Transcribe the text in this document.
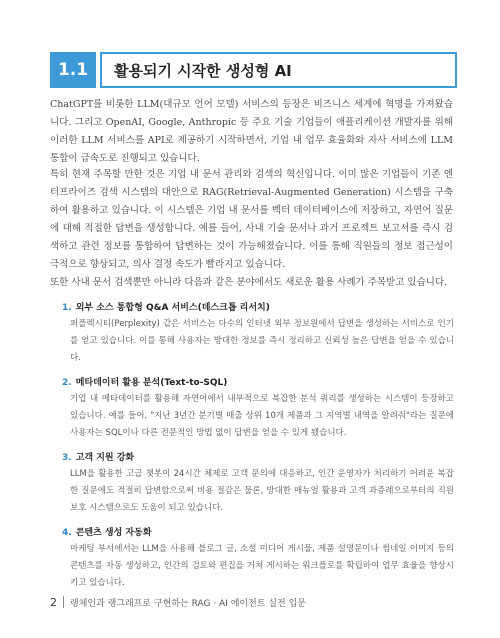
1.1	활용되기 시작한 생성형 AI
ChatGPT를 비롯한 LLM(대규모 언어 모델) 서비스의 등장은 비즈니스 세계에 혁명을 가져왔습니다. 그리고 OpenAI, Google, Anthropic 등 주요 기술 기업들이 애플리케이션 개발자를 위해 이러한 LLM 서비스를 API로 제공하기 시작하면서, 기업 내 업무 효율화와 자사 서비스에 LLM 통합이 급속도로 진행되고 있습니다.
특히 현재 주목할 만한 것은 기업 내 문서 관리와 검색의 혁신입니다. 이미 많은 기업들이 기존 엔터프라이즈 검색 시스템의 대안으로 RAG(Retrieval-Augmented Generation) 시스템을 구축하여 활용하고 있습니다. 이 시스템은 기업 내 문서를 벡터 데이터베이스에 저장하고, 자연어 질문에 대해 적절한 답변을 생성합니다. 예를 들어, 사내 기술 문서나 과거 프로젝트 보고서를 즉시 검색하고 관련 정보를 통합하여 답변하는 것이 가능해졌습니다. 이를 통해 직원들의 정보 접근성이 극적으로 향상되고, 의사 결정 속도가 빨라지고 있습니다.
또한 사내 문서 검색뿐만 아니라 다음과 같은 분야에서도 새로운 활용 사례가 주목받고 있습니다.
1. 외부 소스 통합형 Q&A 서비스(데스크톱 리서치)
퍼플렉시티(Perplexity) 같은 서비스는 다수의 인터넷 외부 정보원에서 답변을 생성하는 서비스로 인기를 얻고 있습니다. 이를 통해 사용자는 방대한 정보를 즉시 정리하고 신뢰성 높은 답변을 얻을 수 있습니다.
2. 메타데이터 활용 분석(Text-to-SQL)
기업 내 메타데이터를 활용해 자연어에서 내부적으로 복잡한 분석 쿼리를 생성하는 시스템이 등장하고 있습니다. 예를 들어, "지난 3년간 분기별 매출 상위 10개 제품과 그 지역별 내역을 알려줘"라는 질문에 사용자는 SQL이나 다른 전문적인 방법 없이 답변을 얻을 수 있게 됐습니다.
3. 고객 지원 강화
LLM을 활용한 고급 챗봇이 24시간 체제로 고객 문의에 대응하고, 인간 운영자가 처리하기 어려운 복잡한 질문에도 적절히 답변함으로써 비용 절감은 물론, 방대한 매뉴얼 활용과 고객 과증례으로부터의 직원 보호 시스템으로도 도움이 되고 있습니다.
4. 콘텐츠 생성 자동화
마케팅 부서에서는 LLM을 사용해 블로그 글, 소셜 미디어 게시물, 제품 설명문이나 썸네일 이미지 등의 콘텐츠를 자동 생성하고, 인간의 검토와 편집을 거쳐 게시하는 워크플로를 확립하여 업무 효율을 향상시키고 있습니다.
2 랭체인과 랭그래프로 구현하는 RAG · AI 에이전트 실전 입문
